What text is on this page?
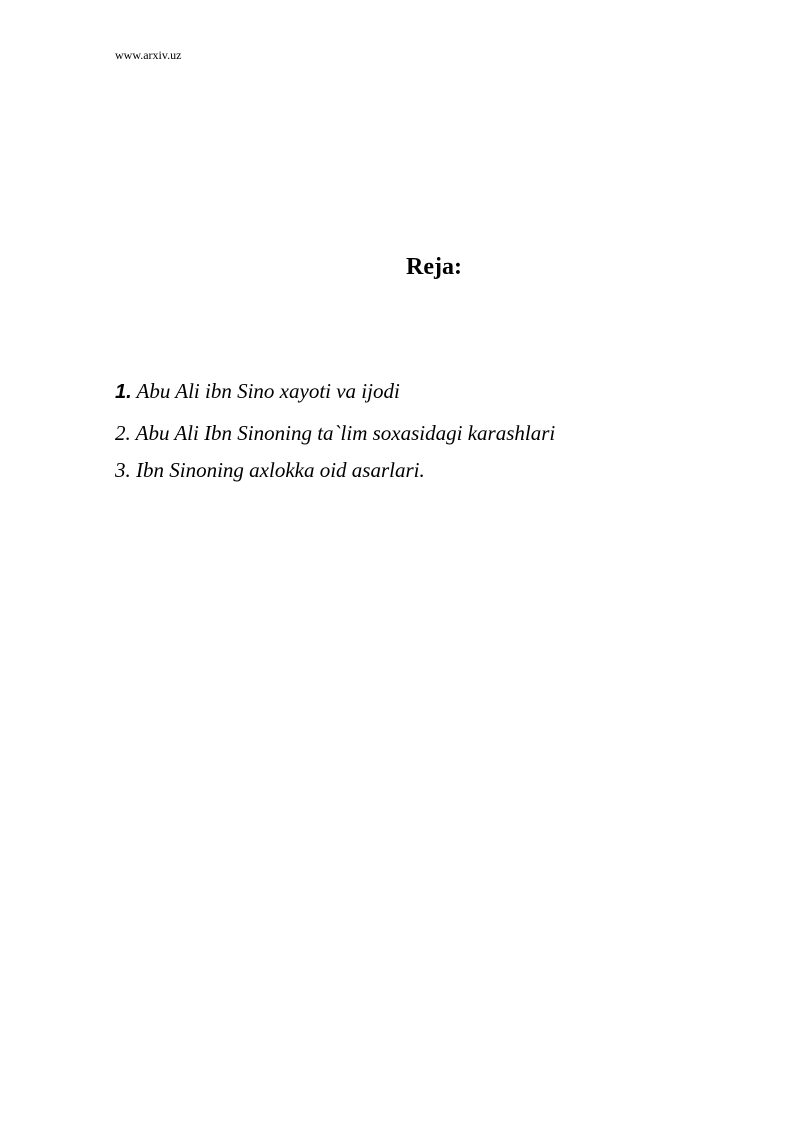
www.arxiv.uz
Reja:
1. Abu Ali ibn Sino xayoti va ijodi
2. Abu Ali Ibn Sinoning ta`lim soxasidagi karashlari
3. Ibn Sinoning axlokka oid asarlari.
